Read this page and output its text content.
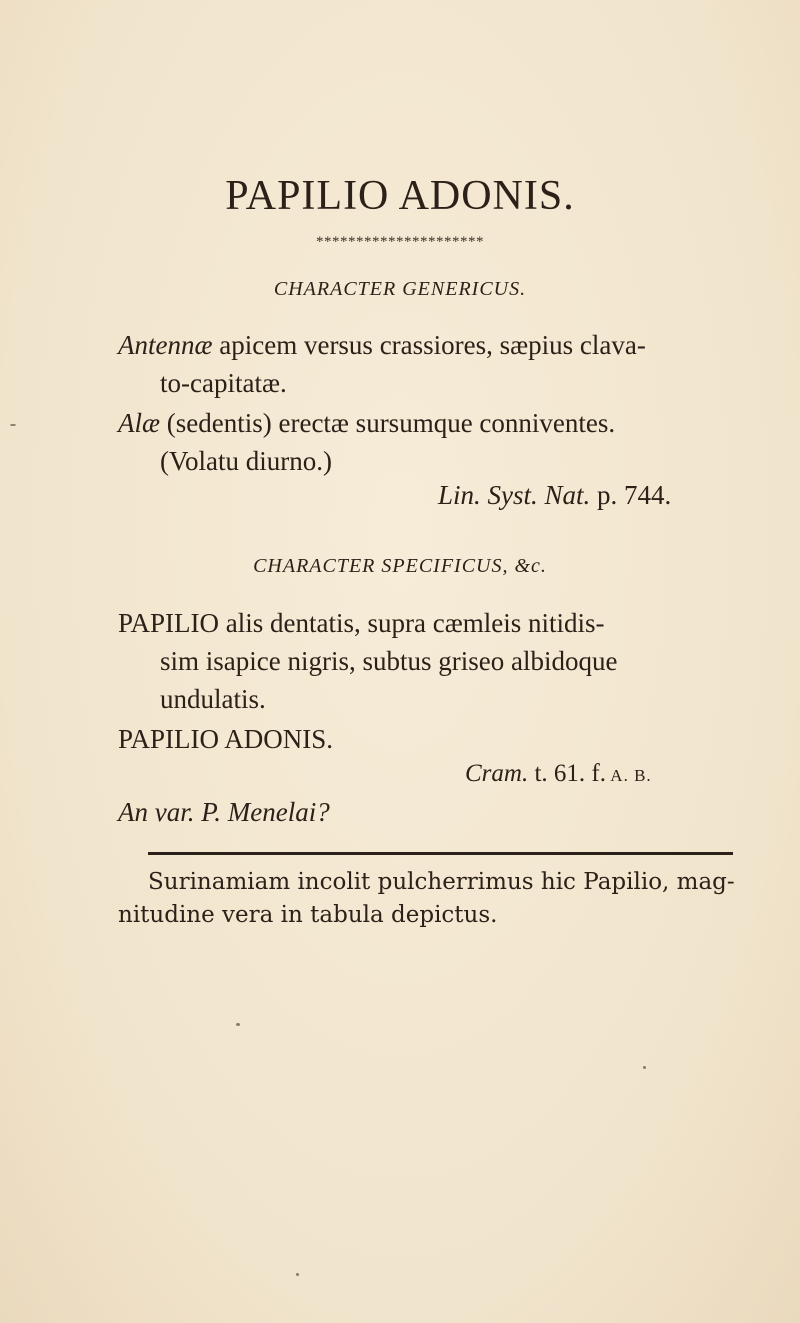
PAPILIO ADONIS.
*********************
CHARACTER GENERICUS.
Antennæ apicem versus crassiores, sæpius clava-
to-capitatæ.
Alæ (sedentis) erectæ sursumque conniventes.
(Volatu diurno.)
Lin. Syst. Nat. p. 744.
CHARACTER SPECIFICUS, &c.
PAPILIO alis dentatis, supra cæmleis nitidis-
sim isapice nigris, subtus griseo albidoque
undulatis.
PAPILIO ADONIS.
Cram. t. 61. f. A. B.
An var. P. Menelai?
Surinamiam incolit pulcherrimus hic Papilio, mag-
nitudine vera in tabula depictus.
